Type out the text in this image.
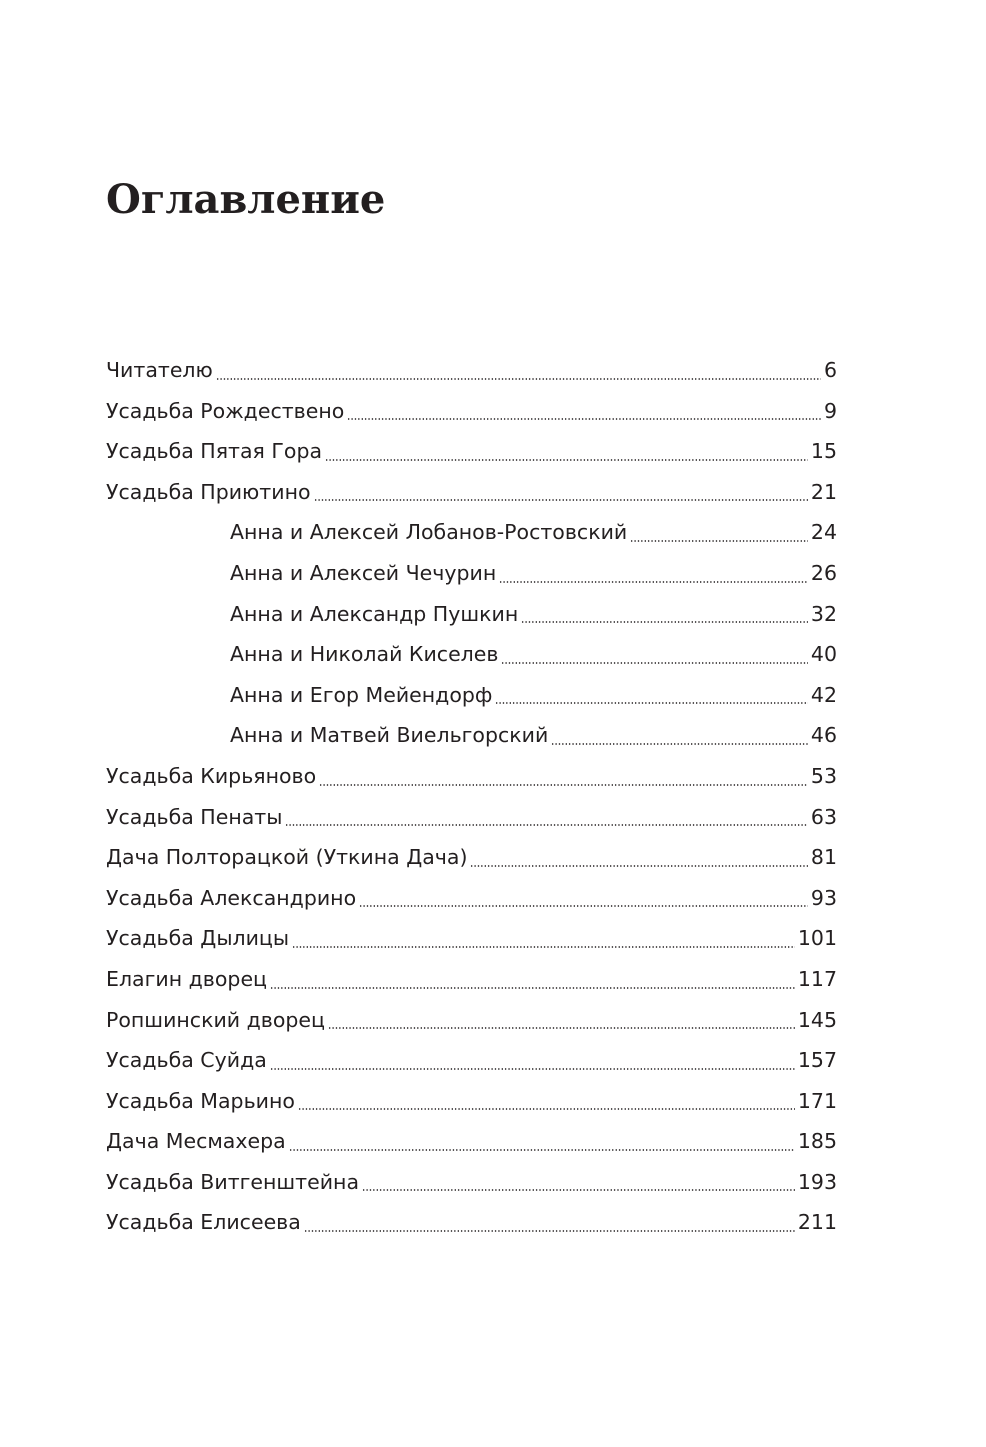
Оглавление
Читателю	6
Усадьба Рождествено	9
Усадьба Пятая Гора	15
Усадьба Приютино	21
Анна и Алексей Лобанов-Ростовский	24
Анна и Алексей Чечурин	26
Анна и Александр Пушкин	32
Анна и Николай Киселев	40
Анна и Егор Мейендорф	42
Анна и Матвей Виельгорский	46
Усадьба Кирьяново	53
Усадьба Пенаты	63
Дача Полторацкой (Уткина Дача)	81
Усадьба Александрино	93
Усадьба Дылицы	101
Елагин дворец	117
Ропшинский дворец	145
Усадьба Суйда	157
Усадьба Марьино	171
Дача Месмахера	185
Усадьба Витгенштейна	193
Усадьба Елисеева	211
